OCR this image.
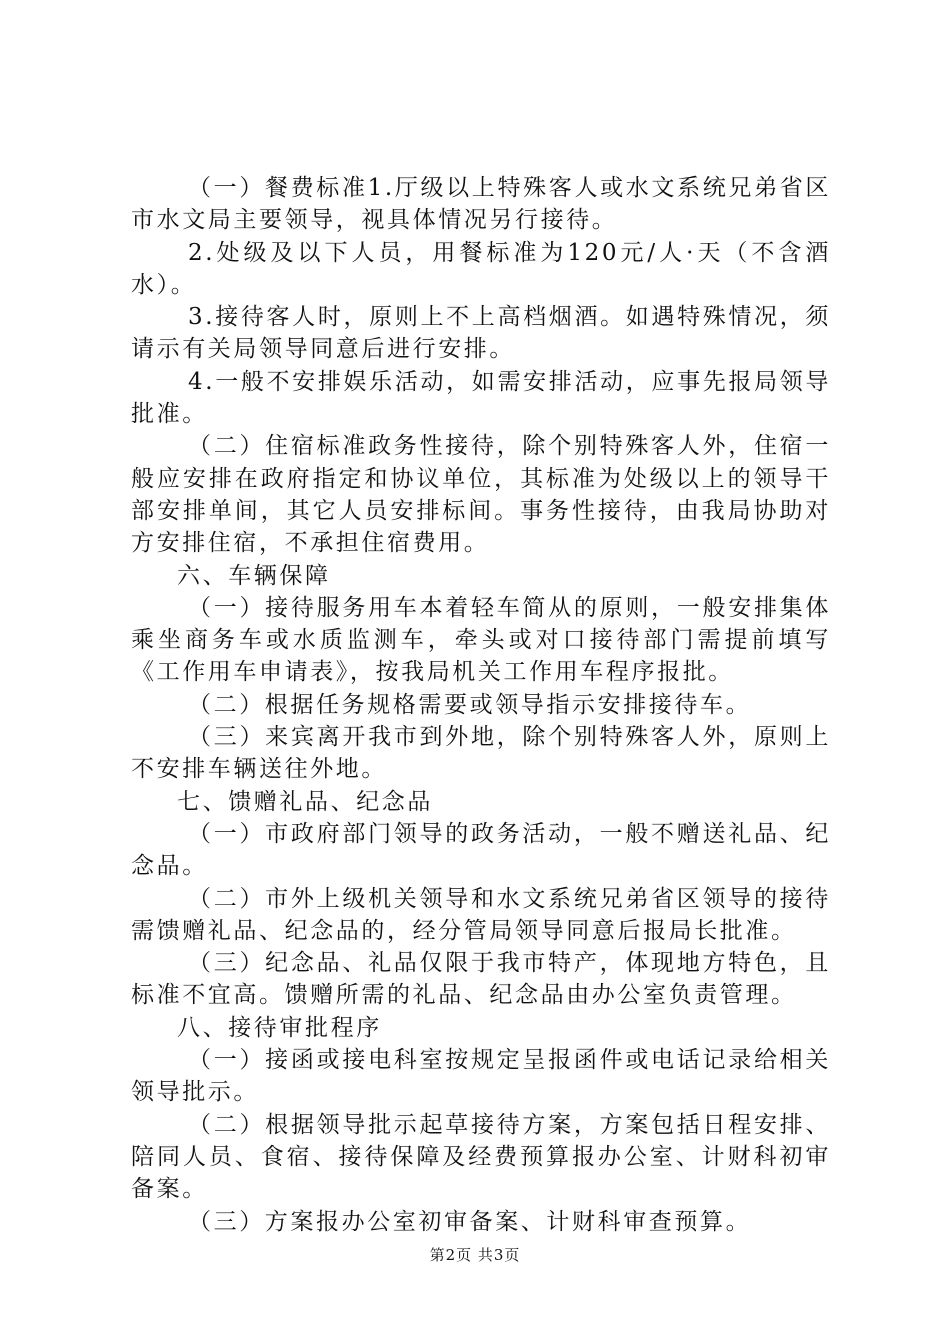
（一）餐费标准1.厅级以上特殊客人或水文系统兄弟省区市水文局主要领导，视具体情况另行接待。

2.处级及以下人员，用餐标准为120元/人·天（不含酒水）。

3.接待客人时，原则上不上高档烟酒。如遇特殊情况，须请示有关局领导同意后进行安排。

4.一般不安排娱乐活动，如需安排活动，应事先报局领导批准。

（二）住宿标准政务性接待，除个别特殊客人外，住宿一般应安排在政府指定和协议单位，其标准为处级以上的领导干部安排单间，其它人员安排标间。事务性接待，由我局协助对方安排住宿，不承担住宿费用。

六、车辆保障

（一）接待服务用车本着轻车简从的原则，一般安排集体乘坐商务车或水质监测车，牵头或对口接待部门需提前填写《工作用车申请表》，按我局机关工作用车程序报批。

（二）根据任务规格需要或领导指示安排接待车。

（三）来宾离开我市到外地，除个别特殊客人外，原则上不安排车辆送往外地。

七、馈赠礼品、纪念品

（一）市政府部门领导的政务活动，一般不赠送礼品、纪念品。

（二）市外上级机关领导和水文系统兄弟省区领导的接待需馈赠礼品、纪念品的，经分管局领导同意后报局长批准。

（三）纪念品、礼品仅限于我市特产，体现地方特色，且标准不宜高。馈赠所需的礼品、纪念品由办公室负责管理。

八、接待审批程序

（一）接函或接电科室按规定呈报函件或电话记录给相关领导批示。

（二）根据领导批示起草接待方案，方案包括日程安排、陪同人员、食宿、接待保障及经费预算报办公室、计财科初审备案。

（三）方案报办公室初审备案、计财科审查预算。

第2页 共3页
